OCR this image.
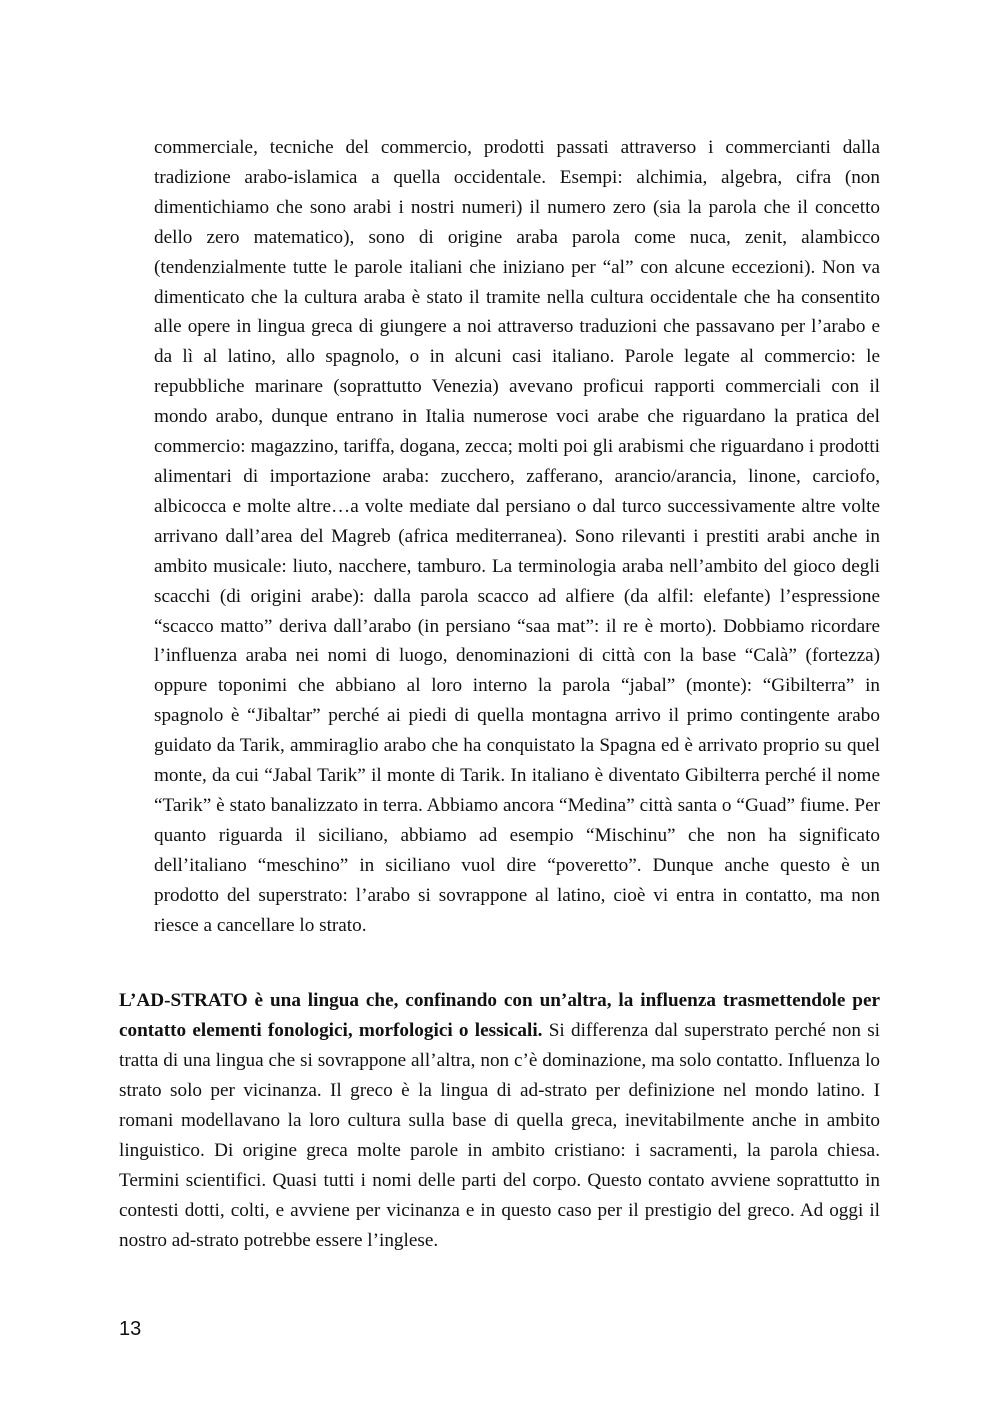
commerciale, tecniche del commercio, prodotti passati attraverso i commercianti dalla tradizione arabo-islamica a quella occidentale. Esempi: alchimia, algebra, cifra (non dimentichiamo che sono arabi i nostri numeri) il numero zero (sia la parola che il concetto dello zero matematico), sono di origine araba parola come nuca, zenit, alambicco (tendenzialmente tutte le parole italiani che iniziano per “al” con alcune eccezioni). Non va dimenticato che la cultura araba è stato il tramite nella cultura occidentale che ha consentito alle opere in lingua greca di giungere a noi attraverso traduzioni che passavano per l’arabo e da lì al latino, allo spagnolo, o in alcuni casi italiano. Parole legate al commercio: le repubbliche marinare (soprattutto Venezia) avevano proficui rapporti commerciali con il mondo arabo, dunque entrano in Italia numerose voci arabe che riguardano la pratica del commercio: magazzino, tariffa, dogana, zecca; molti poi gli arabismi che riguardano i prodotti alimentari di importazione araba: zucchero, zafferano, arancio/arancia, linone, carciofo, albicocca e molte altre…a volte mediate dal persiano o dal turco successivamente altre volte arrivano dall’area del Magreb (africa mediterranea). Sono rilevanti i prestiti arabi anche in ambito musicale: liuto, nacchere, tamburo. La terminologia araba nell’ambito del gioco degli scacchi (di origini arabe): dalla parola scacco ad alfiere (da alfil: elefante) l’espressione “scacco matto” deriva dall’arabo (in persiano “saa mat”: il re è morto). Dobbiamo ricordare l’influenza araba nei nomi di luogo, denominazioni di città con la base “Calà” (fortezza) oppure toponimi che abbiano al loro interno la parola “jabal” (monte): “Gibilterra” in spagnolo è “Jibaltar” perché ai piedi di quella montagna arrivo il primo contingente arabo guidato da Tarik, ammiraglio arabo che ha conquistato la Spagna ed è arrivato proprio su quel monte, da cui “Jabal Tarik” il monte di Tarik. In italiano è diventato Gibilterra perché il nome “Tarik” è stato banalizzato in terra. Abbiamo ancora “Medina” città santa o “Guad” fiume. Per quanto riguarda il siciliano, abbiamo ad esempio “Mischinu” che non ha significato dell’italiano “meschino” in siciliano vuol dire “poveretto”. Dunque anche questo è un prodotto del superstrato: l’arabo si sovrappone al latino, cioè vi entra in contatto, ma non riesce a cancellare lo strato.

L’AD-STRATO è una lingua che, confinando con un’altra, la influenza trasmettendole per contatto elementi fonologici, morfologici o lessicali. Si differenza dal superstrato perché non si tratta di una lingua che si sovrappone all’altra, non c’è dominazione, ma solo contatto. Influenza lo strato solo per vicinanza. Il greco è la lingua di ad-strato per definizione nel mondo latino. I romani modellavano la loro cultura sulla base di quella greca, inevitabilmente anche in ambito linguistico. Di origine greca molte parole in ambito cristiano: i sacramenti, la parola chiesa. Termini scientifici. Quasi tutti i nomi delle parti del corpo. Questo contato avviene soprattutto in contesti dotti, colti, e avviene per vicinanza e in questo caso per il prestigio del greco. Ad oggi il nostro ad-strato potrebbe essere l’inglese.

13
